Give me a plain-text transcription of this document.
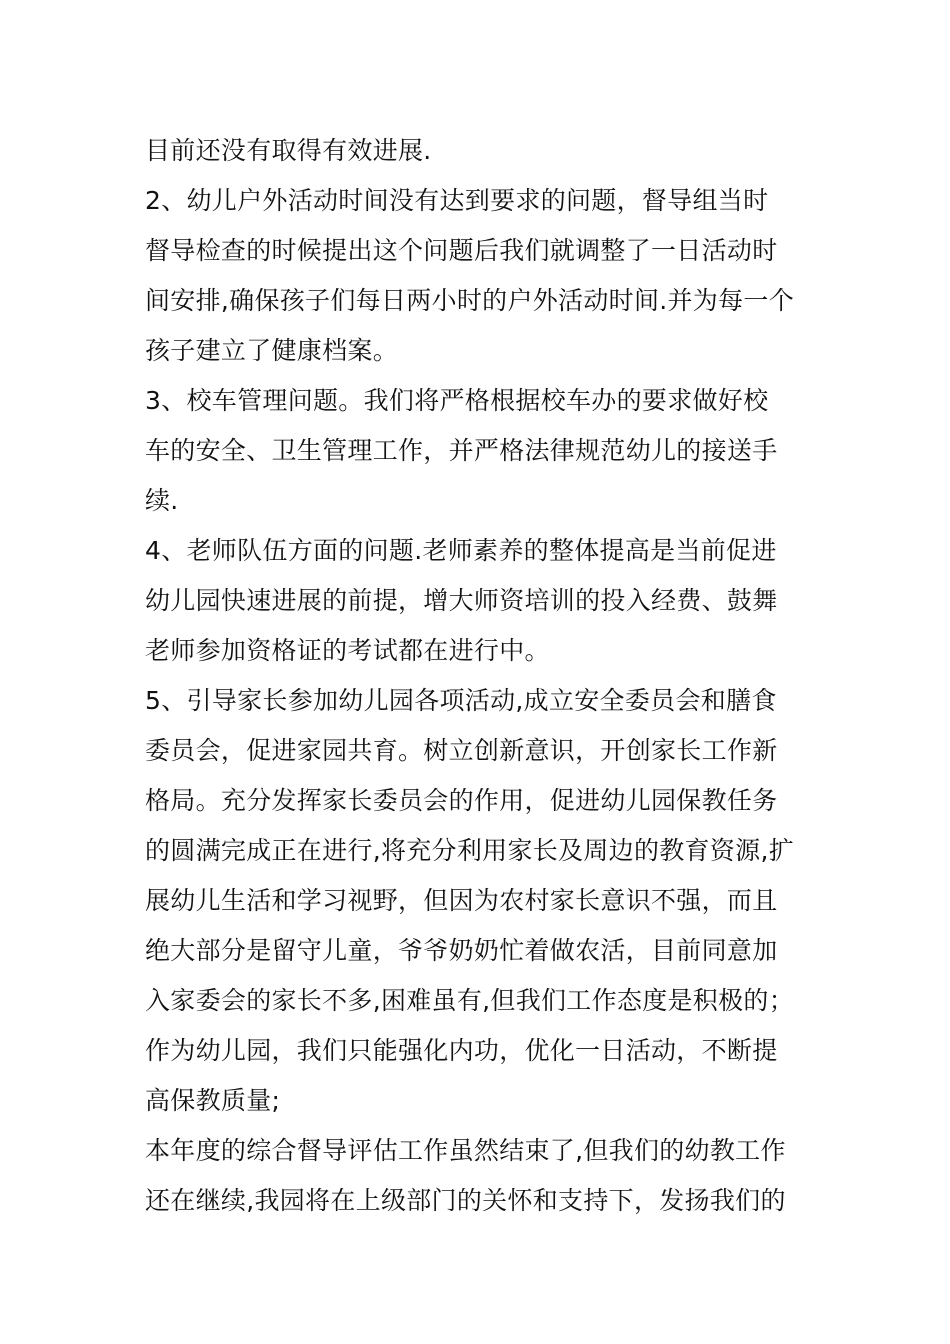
目前还没有取得有效进展.
2、幼儿户外活动时间没有达到要求的问题，督导组当时
督导检查的时候提出这个问题后我们就调整了一日活动时
间安排,确保孩子们每日两小时的户外活动时间.并为每一个
孩子建立了健康档案。
3、校车管理问题。我们将严格根据校车办的要求做好校
车的安全、卫生管理工作，并严格法律规范幼儿的接送手
续.
4、老师队伍方面的问题.老师素养的整体提高是当前促进
幼儿园快速进展的前提，增大师资培训的投入经费、鼓舞
老师参加资格证的考试都在进行中。
5、引导家长参加幼儿园各项活动,成立安全委员会和膳食
委员会，促进家园共育。树立创新意识，开创家长工作新
格局。充分发挥家长委员会的作用，促进幼儿园保教任务
的圆满完成正在进行,将充分利用家长及周边的教育资源,扩
展幼儿生活和学习视野，但因为农村家长意识不强，而且
绝大部分是留守儿童，爷爷奶奶忙着做农活，目前同意加
入家委会的家长不多,困难虽有,但我们工作态度是积极的；
作为幼儿园，我们只能强化内功，优化一日活动，不断提
高保教质量;
本年度的综合督导评估工作虽然结束了,但我们的幼教工作
还在继续,我园将在上级部门的关怀和支持下，发扬我们的
